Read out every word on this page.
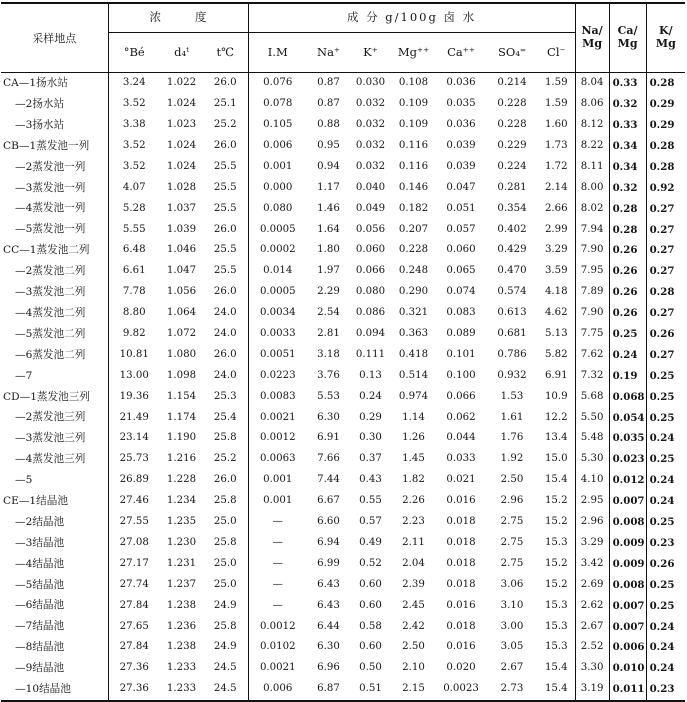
采样地点	浓度			成 分 g/100g 卤 水							Na/
Mg	Ca/
Mg	K/
Mg

	°Bé	d₄ᵗ	t℃	I.M	Na⁺	K⁺	Mg⁺⁺	Ca⁺⁺	SO₄⁼	Cl⁻			
CA—1扬水站	3.24	1.022	26.0	0.076	0.87	0.030	0.108	0.036	0.214	1.59	8.04	0.33	0.28
—2扬水站	3.52	1.024	25.1	0.078	0.87	0.032	0.109	0.035	0.228	1.59	8.06	0.32	0.29
—3扬水站	3.38	1.023	25.2	0.105	0.88	0.032	0.109	0.036	0.228	1.60	8.12	0.33	0.29
CB—1蒸发池一列	3.52	1.024	26.0	0.006	0.95	0.032	0.116	0.039	0.229	1.73	8.22	0.34	0.28
—2蒸发池一列	3.52	1.024	25.5	0.001	0.94	0.032	0.116	0.039	0.224	1.72	8.11	0.34	0.28
—3蒸发池一列	4.07	1.028	25.5	0.000	1.17	0.040	0.146	0.047	0.281	2.14	8.00	0.32	0.92
—4蒸发池一列	5.28	1.037	25.5	0.080	1.46	0.049	0.182	0.051	0.354	2.66	8.02	0.28	0.27
—5蒸发池一列	5.55	1.039	26.0	0.0005	1.64	0.056	0.207	0.057	0.402	2.99	7.94	0.28	0.27
CC—1蒸发池二列	6.48	1.046	25.5	0.0002	1.80	0.060	0.228	0.060	0.429	3.29	7.90	0.26	0.27
—2蒸发池二列	6.61	1.047	25.5	0.014	1.97	0.066	0.248	0.065	0.470	3.59	7.95	0.26	0.27
—3蒸发池二列	7.78	1.056	26.0	0.0005	2.29	0.080	0.290	0.074	0.574	4.18	7.89	0.26	0.28
—4蒸发池二列	8.80	1.064	24.0	0.0034	2.54	0.086	0.321	0.083	0.613	4.62	7.90	0.26	0.27
—5蒸发池二列	9.82	1.072	24.0	0.0033	2.81	0.094	0.363	0.089	0.681	5.13	7.75	0.25	0.26
—6蒸发池二列	10.81	1.080	26.0	0.0051	3.18	0.111	0.418	0.101	0.786	5.82	7.62	0.24	0.27
—7	13.00	1.098	24.0	0.0223	3.76	0.13	0.514	0.100	0.932	6.91	7.32	0.19	0.25
CD—1蒸发池三列	19.36	1.154	25.3	0.0083	5.53	0.24	0.974	0.066	1.53	10.9	5.68	0.068	0.25
—2蒸发池三列	21.49	1.174	25.4	0.0021	6.30	0.29	1.14	0.062	1.61	12.2	5.50	0.054	0.25
—3蒸发池三列	23.14	1.190	25.8	0.0012	6.91	0.30	1.26	0.044	1.76	13.4	5.48	0.035	0.24
—4蒸发池三列	25.73	1.216	25.2	0.0063	7.66	0.37	1.45	0.033	1.92	15.0	5.30	0.023	0.25
—5	26.89	1.228	26.0	0.001	7.44	0.43	1.82	0.021	2.50	15.4	4.10	0.012	0.24
CE—1结晶池	27.46	1.234	25.8	0.001	6.67	0.55	2.26	0.016	2.96	15.2	2.95	0.007	0.24
—2结晶池	27.55	1.235	25.0	—	6.60	0.57	2.23	0.018	2.75	15.2	2.96	0.008	0.25
—3结晶池	27.08	1.230	25.8	—	6.94	0.49	2.11	0.018	2.75	15.3	3.29	0.009	0.23
—4结晶池	27.17	1.231	25.0	—	6.99	0.52	2.04	0.018	2.75	15.2	3.42	0.009	0.26
—5结晶池	27.74	1.237	25.0	—	6.43	0.60	2.39	0.018	3.06	15.2	2.69	0.008	0.25
—6结晶池	27.84	1.238	24.9	—	6.43	0.60	2.45	0.016	3.10	15.3	2.62	0.007	0.25
—7结晶池	27.65	1.236	25.8	0.0012	6.44	0.58	2.42	0.018	3.00	15.3	2.67	0.007	0.24
—8结晶池	27.84	1.238	24.9	0.0102	6.30	0.60	2.50	0.016	3.05	15.3	2.52	0.006	0.24
—9结晶池	27.36	1.233	24.5	0.0021	6.96	0.50	2.10	0.020	2.67	15.4	3.30	0.010	0.24
—10结晶池	27.36	1.233	24.5	0.006	6.87	0.51	2.15	0.0023	2.73	15.4	3.19	0.011	0.23
